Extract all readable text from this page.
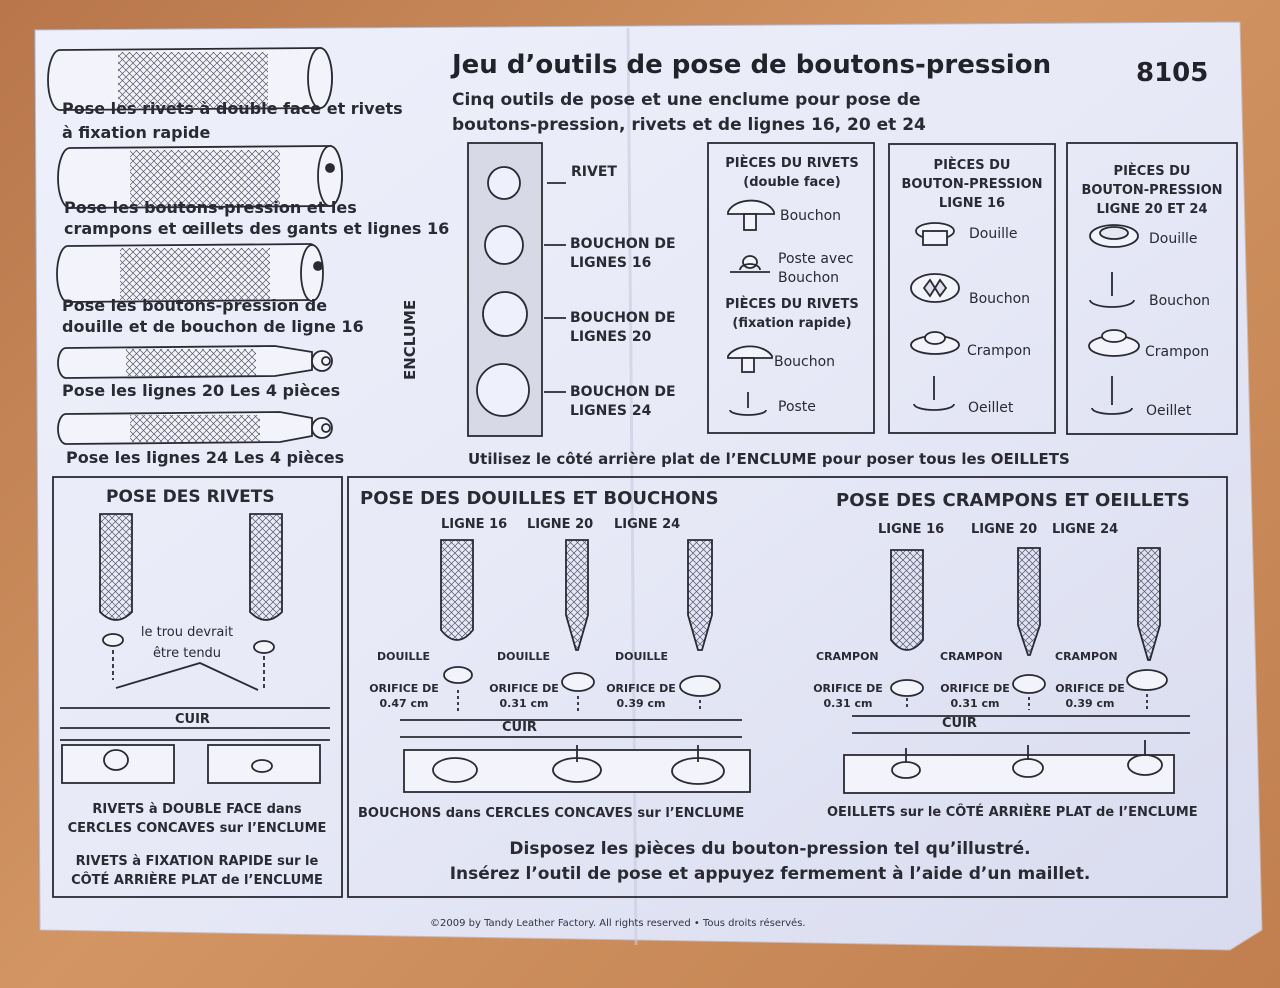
Jeu d’outils de pose de boutons-pression	8105
Cinq outils de pose et une enclume pour pose de
boutons-pression, rivets et de lignes 16, 20 et 24
Pose les rivets à double face et rivets
à fixation rapide
Pose les boutons-pression et les
crampons et œillets des gants et lignes 16
Pose les boutons-pression de
douille et de bouchon de ligne 16
Pose les lignes 20 Les 4 pièces
Pose les lignes 24 Les 4 pièces
ENCLUME
RIVET
BOUCHON DE
LIGNES 16
BOUCHON DE
LIGNES 20
BOUCHON DE
LIGNES 24
PIÈCES DU RIVETS
(double face)
Bouchon
Poste avec
Bouchon
PIÈCES DU RIVETS
(fixation rapide)
Bouchon
Poste
PIÈCES DU
BOUTON-PRESSION
LIGNE 16
Douille
Bouchon
Crampon
Oeillet
PIÈCES DU
BOUTON-PRESSION
LIGNE 20 ET 24
Douille
Bouchon
Crampon
Oeillet
Utilisez le côté arrière plat de l’ENCLUME pour poser tous les OEILLETS
POSE DES RIVETS
le trou devrait
être tendu
CUIR
RIVETS à DOUBLE FACE dans
CERCLES CONCAVES sur l’ENCLUME
RIVETS à FIXATION RAPIDE sur le
CÔTÉ ARRIÈRE PLAT de l’ENCLUME
POSE DES DOUILLES ET BOUCHONS
LIGNE 16 LIGNE 20 LIGNE 24
DOUILLE	DOUILLE	DOUILLE
ORIFICE DE
0.47 cm
ORIFICE DE
0.31 cm
ORIFICE DE
0.39 cm
CUIR
BOUCHONS dans CERCLES CONCAVES sur l’ENCLUME
POSE DES CRAMPONS ET OEILLETS
LIGNE 16 LIGNE 20 LIGNE 24
CRAMPON	CRAMPON	CRAMPON
ORIFICE DE
0.31 cm
ORIFICE DE
0.31 cm
ORIFICE DE
0.39 cm
CUIR
OEILLETS sur le CÔTÉ ARRIÈRE PLAT de l’ENCLUME
Disposez les pièces du bouton-pression tel qu’illustré.
Insérez l’outil de pose et appuyez fermement à l’aide d’un maillet.
©2009 by Tandy Leather Factory. All rights reserved • Tous droits réservés.
